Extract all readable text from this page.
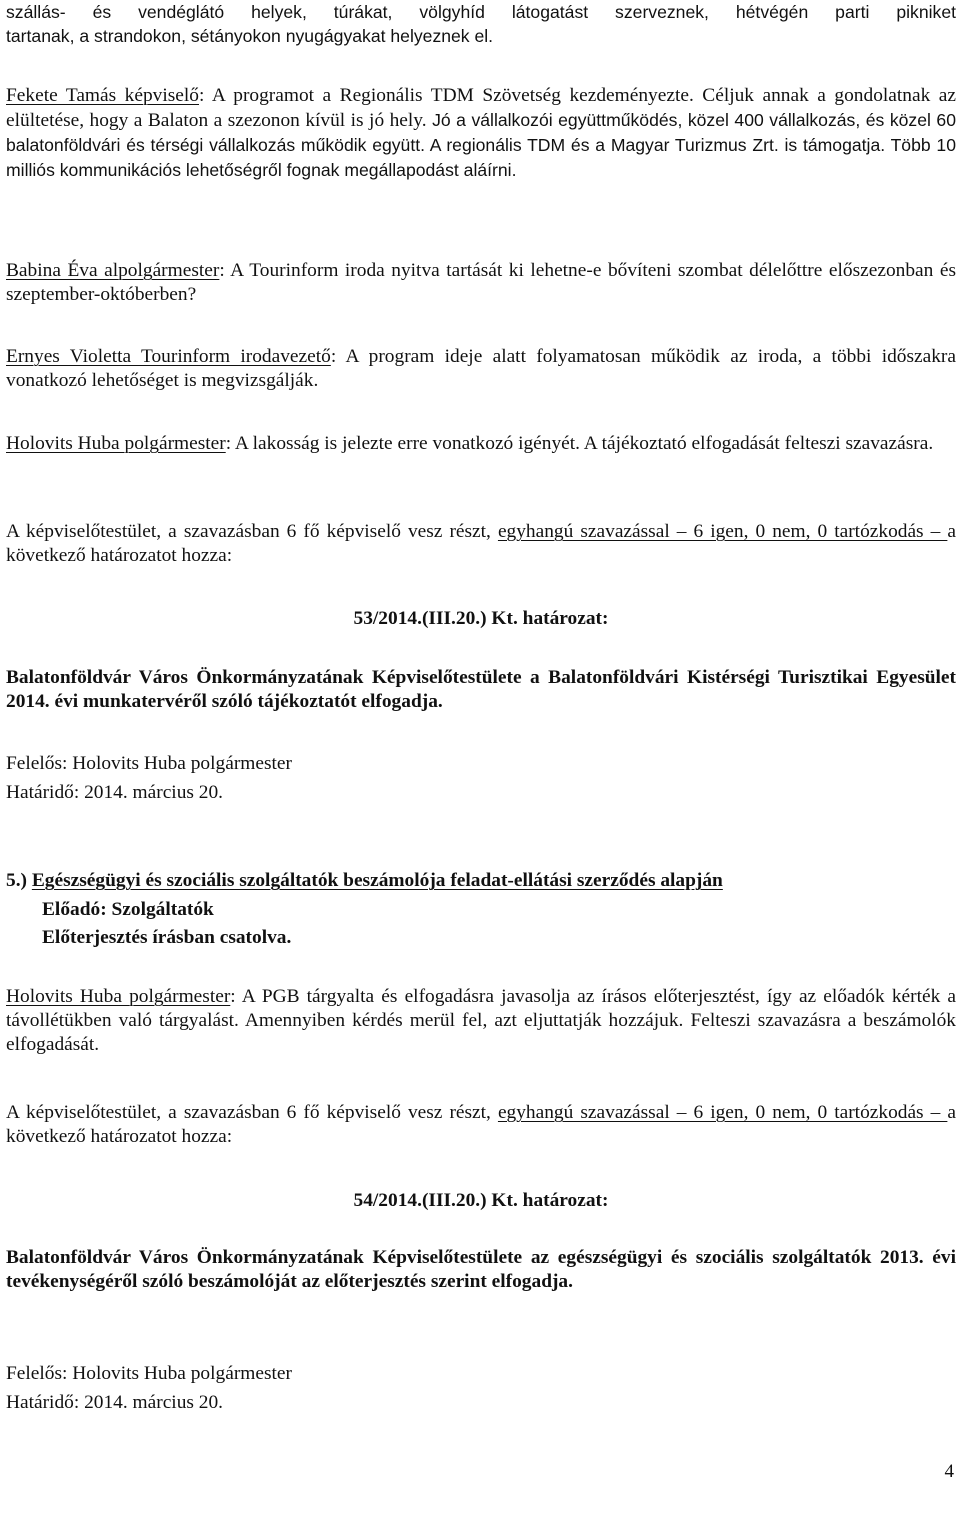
szállás- és vendéglátó helyek, túrákat, völgyhíd látogatást szerveznek, hétvégén parti pikniket

tartanak, a strandokon, sétányokon nyugágyakat helyeznek el.

Fekete Tamás képviselő: A programot a Regionális TDM Szövetség kezdeményezte. Céljuk annak a gondolatnak az elültetése, hogy a Balaton a szezonon kívül is jó hely. Jó a vállalkozói együttműködés, közel 400 vállalkozás, és közel 60 balatonföldvári és térségi vállalkozás működik együtt. A regionális TDM és a Magyar Turizmus Zrt. is támogatja. Több 10 milliós kommunikációs lehetőségről fognak megállapodást aláírni.

Babina Éva alpolgármester: A Tourinform iroda nyitva tartását ki lehetne-e bővíteni szombat délelőttre előszezonban és szeptember-októberben?

Ernyes Violetta Tourinform irodavezető: A program ideje alatt folyamatosan működik az iroda, a többi időszakra vonatkozó lehetőséget is megvizsgálják.

Holovits Huba polgármester: A lakosság is jelezte erre vonatkozó igényét. A tájékoztató elfogadását felteszi szavazásra.

A képviselőtestület, a szavazásban 6 fő képviselő vesz részt, egyhangú szavazással – 6 igen, 0 nem, 0 tartózkodás – a következő határozatot hozza:

53/2014.(III.20.) Kt. határozat:

Balatonföldvár Város Önkormányzatának Képviselőtestülete a Balatonföldvári Kistérségi Turisztikai Egyesület 2014. évi munkatervéről szóló tájékoztatót elfogadja.

Felelős: Holovits Huba polgármester

Határidő: 2014. március 20.

5.) Egészségügyi és szociális szolgáltatók beszámolója feladat-ellátási szerződés alapján

Előadó: Szolgáltatók

Előterjesztés írásban csatolva.

Holovits Huba polgármester: A PGB tárgyalta és elfogadásra javasolja az írásos előterjesztést, így az előadók kérték a távollétükben való tárgyalást. Amennyiben kérdés merül fel, azt eljuttatják hozzájuk. Felteszi szavazásra a beszámolók elfogadását.

A képviselőtestület, a szavazásban 6 fő képviselő vesz részt, egyhangú szavazással – 6 igen, 0 nem, 0 tartózkodás – a következő határozatot hozza:

54/2014.(III.20.) Kt. határozat:

Balatonföldvár Város Önkormányzatának Képviselőtestülete az egészségügyi és szociális szolgáltatók 2013. évi tevékenységéről szóló beszámolóját az előterjesztés szerint elfogadja.

Felelős: Holovits Huba polgármester

Határidő: 2014. március 20.

4
